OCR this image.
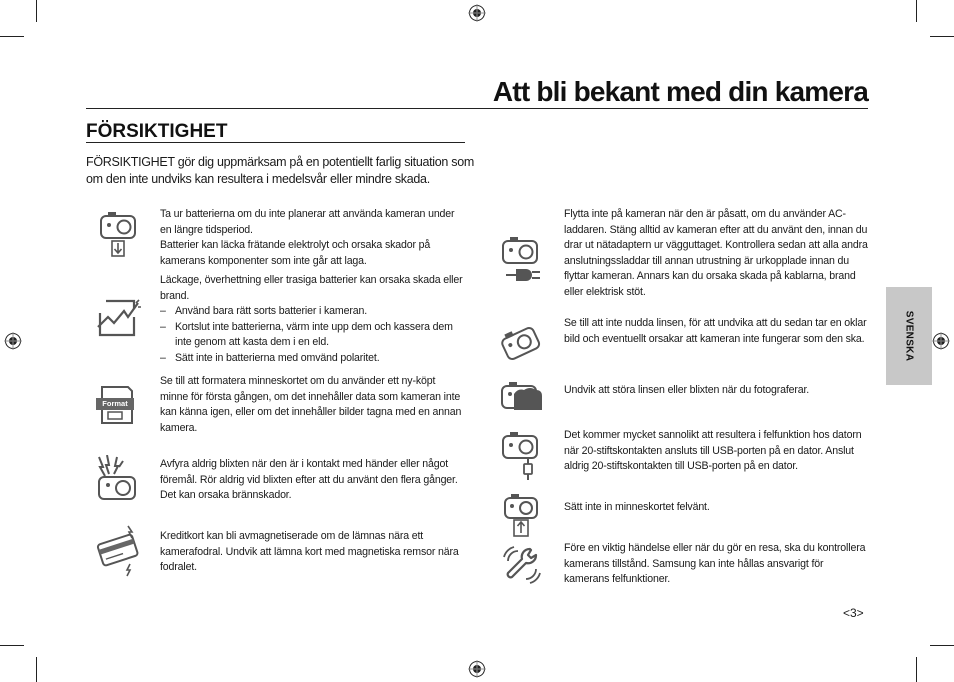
Att bli bekant med din kamera
FÖRSIKTIGHET
FÖRSIKTIGHET gör dig uppmärksam på en potentiellt farlig situation som om den inte undviks kan resultera i medelsvår eller mindre skada.

Ta ur batterierna om du inte planerar att använda kameran under en längre tidsperiod.

Batterier kan läcka frätande elektrolyt och orsaka skador på kamerans komponenter som inte går att laga.

Läckage, överhettning eller trasiga batterier kan orsaka skada eller brand.

– Använd bara rätt sorts batterier i kameran.
– Kortslut inte batterierna, värm inte upp dem och kassera dem inte genom att kasta dem i en eld.
– Sätt inte in batterierna med omvänd polaritet.
Format

Se till att formatera minneskortet om du använder ett ny-köpt minne för första gången, om det innehåller data som kameran inte kan känna igen, eller om det innehåller bilder tagna med en annan kamera.

Avfyra aldrig blixten när den är i kontakt med händer eller något föremål. Rör aldrig vid blixten efter att du använt den flera gånger. Det kan orsaka brännskador.

Kreditkort kan bli avmagnetiserade om de lämnas nära ett kamerafodral. Undvik att lämna kort med magnetiska remsor nära fodralet.

Flytta inte på kameran när den är påsatt, om du använder AC-laddaren. Stäng alltid av kameran efter att du använt den, innan du drar ut nätadaptern ur vägguttaget. Kontrollera sedan att alla andra anslutningssladdar till annan utrustning är urkopplade innan du flyttar kameran. Annars kan du orsaka skada på kablarna, brand eller elektrisk stöt.

Se till att inte nudda linsen, för att undvika att du sedan tar en oklar bild och eventuellt orsakar att kameran inte fungerar som den ska.

Undvik att störa linsen eller blixten när du fotograferar.

Det kommer mycket sannolikt att resultera i felfunktion hos datorn när 20-stiftskontakten ansluts till USB-porten på en dator. Anslut aldrig 20-stiftskontakten till USB-porten på en dator.

Sätt inte in minneskortet felvänt.

Före en viktig händelse eller när du gör en resa, ska du kontrollera kamerans tillstånd. Samsung kan inte hållas ansvarigt för kamerans felfunktioner.

SVENSKA
<3>
